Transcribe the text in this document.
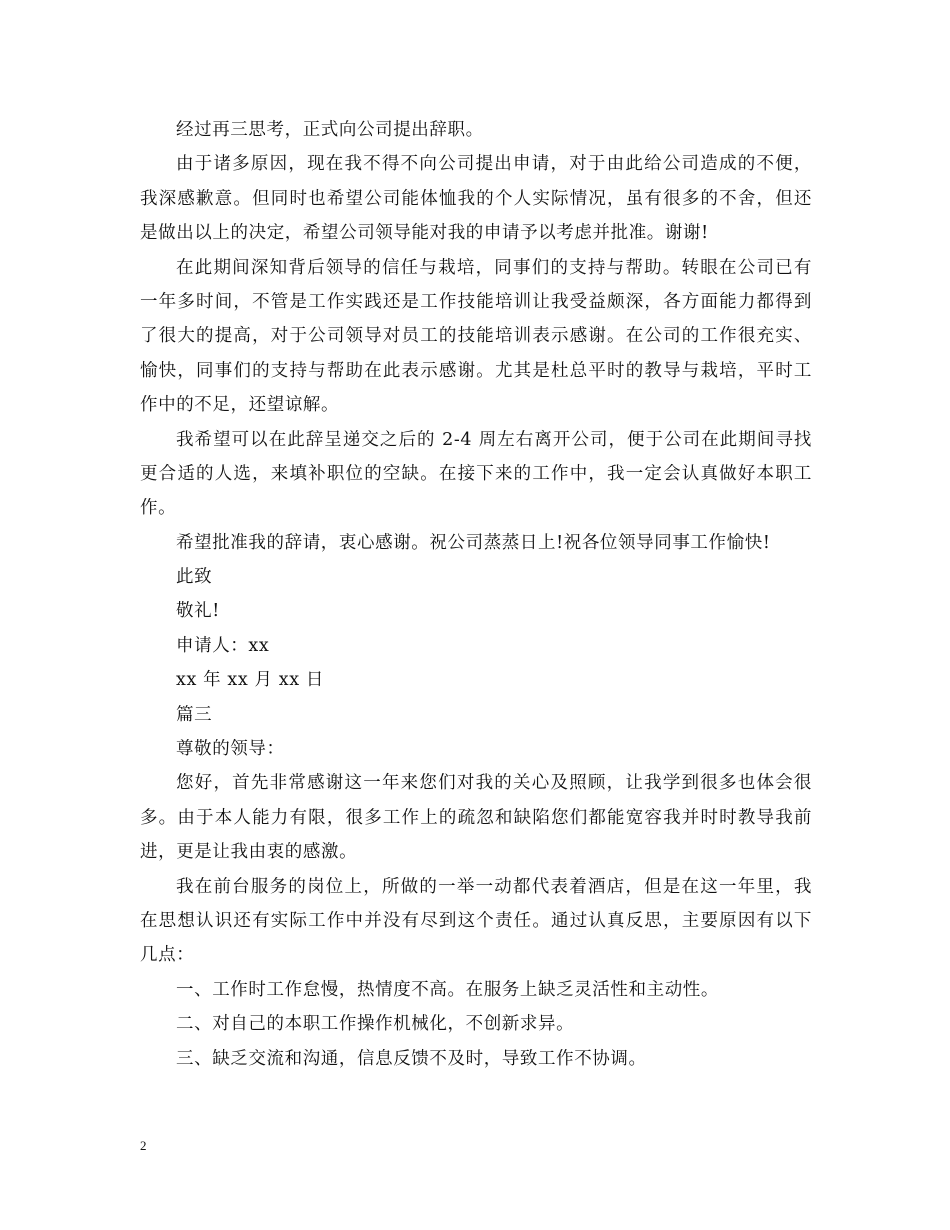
经过再三思考，正式向公司提出辞职。
由于诸多原因，现在我不得不向公司提出申请，对于由此给公司造成的不便，
我深感歉意。但同时也希望公司能体恤我的个人实际情况，虽有很多的不舍，但还
是做出以上的决定，希望公司领导能对我的申请予以考虑并批准。谢谢!
在此期间深知背后领导的信任与栽培，同事们的支持与帮助。转眼在公司已有
一年多时间，不管是工作实践还是工作技能培训让我受益颇深，各方面能力都得到
了很大的提高，对于公司领导对员工的技能培训表示感谢。在公司的工作很充实、
愉快，同事们的支持与帮助在此表示感谢。尤其是杜总平时的教导与栽培，平时工
作中的不足，还望谅解。
我希望可以在此辞呈递交之后的 2-4 周左右离开公司，便于公司在此期间寻找
更合适的人选，来填补职位的空缺。在接下来的工作中，我一定会认真做好本职工
作。
希望批准我的辞请，衷心感谢。祝公司蒸蒸日上!祝各位领导同事工作愉快!
此致
敬礼!
申请人：xx
xx 年 xx 月 xx 日
篇三
尊敬的领导：
您好，首先非常感谢这一年来您们对我的关心及照顾，让我学到很多也体会很
多。由于本人能力有限，很多工作上的疏忽和缺陷您们都能宽容我并时时教导我前
进，更是让我由衷的感激。
我在前台服务的岗位上，所做的一举一动都代表着酒店，但是在这一年里，我
在思想认识还有实际工作中并没有尽到这个责任。通过认真反思，主要原因有以下
几点：
一、工作时工作怠慢，热情度不高。在服务上缺乏灵活性和主动性。
二、对自己的本职工作操作机械化，不创新求异。
三、缺乏交流和沟通，信息反馈不及时，导致工作不协调。
2
